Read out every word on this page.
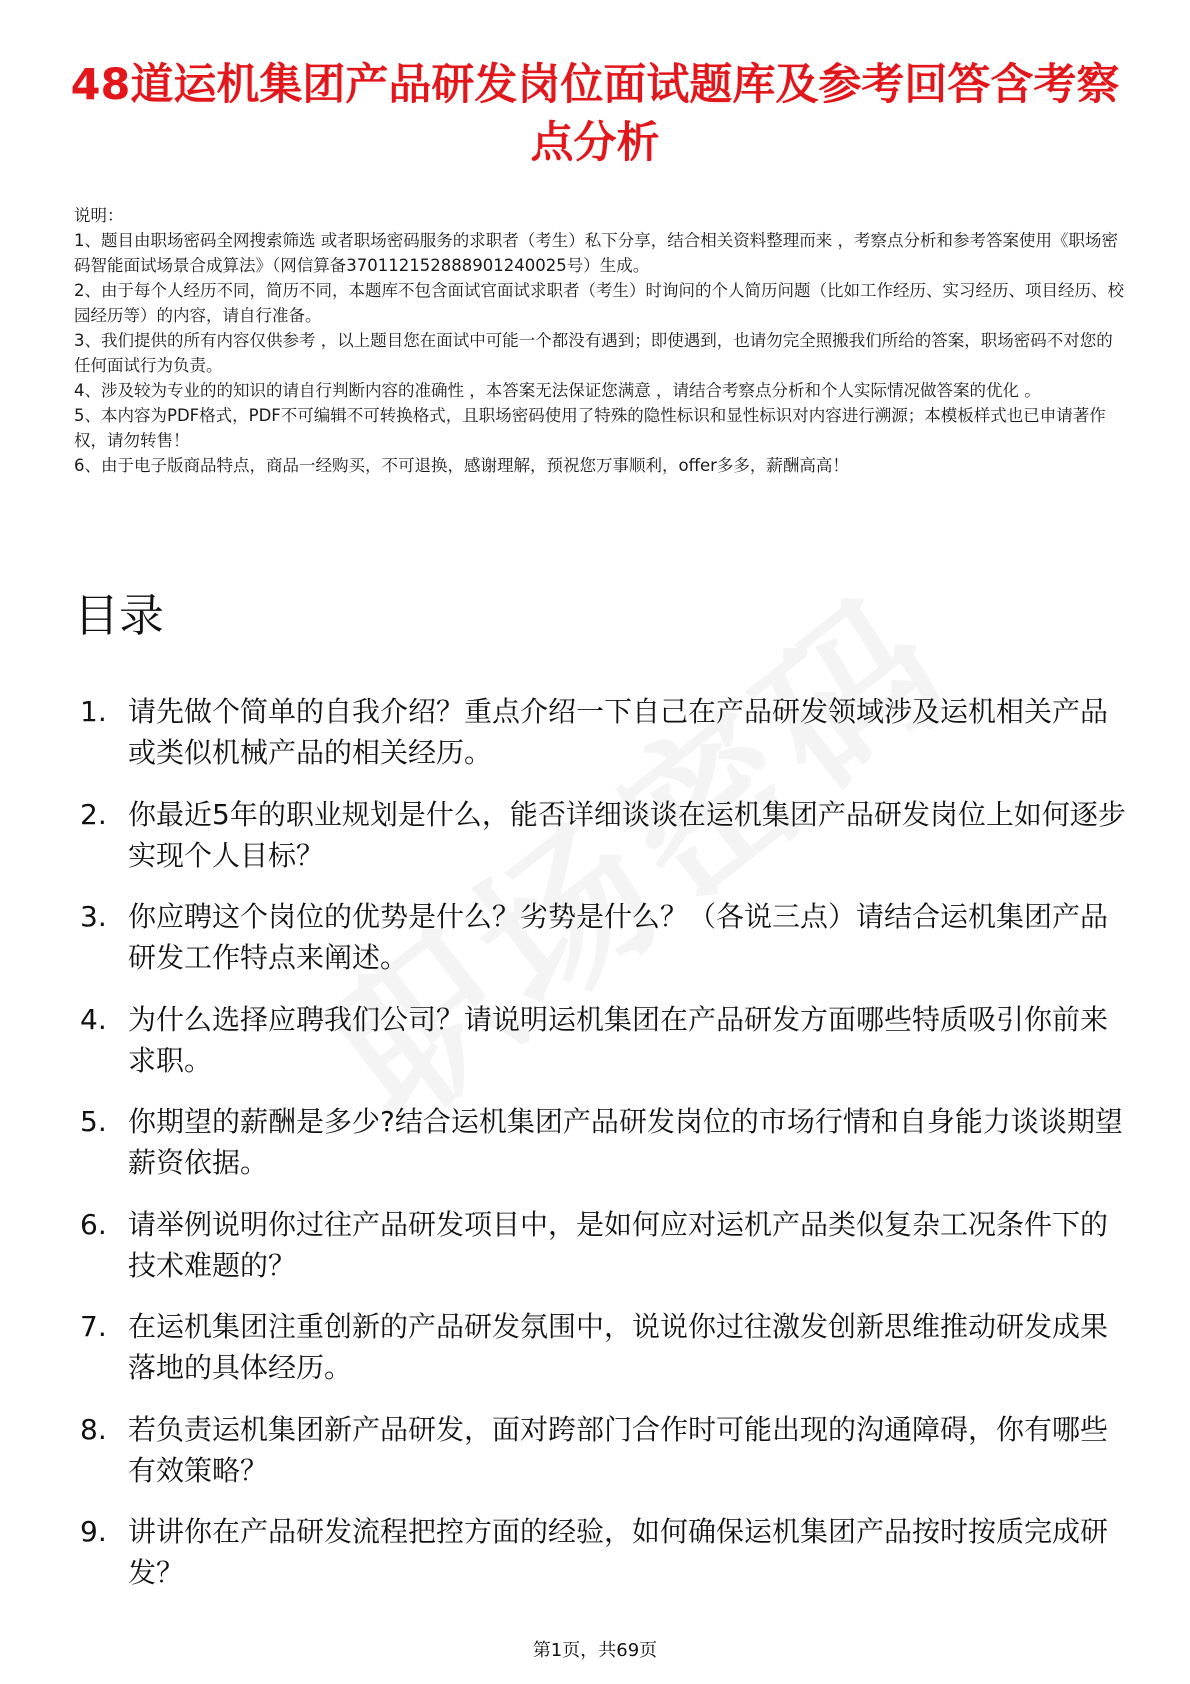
48道运机集团产品研发岗位面试题库及参考回答含考察点分析

说明：

1、题目由职场密码全网搜索筛选 或者职场密码服务的求职者（考生）私下分享，结合相关资料整理而来 ，考察点分析和参考答案使用《职场密码智能面试场景合成算法》（网信算备370112152888901240025号）生成。

2、由于每个人经历不同，简历不同，本题库不包含面试官面试求职者（考生）时询问的个人简历问题（比如工作经历、实习经历、项目经历、校园经历等）的内容，请自行准备。

3、我们提供的所有内容仅供参考 ，以上题目您在面试中可能一个都没有遇到；即使遇到，也请勿完全照搬我们所给的答案，职场密码不对您的任何面试行为负责。

4、涉及较为专业的的知识的请自行判断内容的准确性 ，本答案无法保证您满意 ，请结合考察点分析和个人实际情况做答案的优化 。

5、本内容为PDF格式，PDF不可编辑不可转换格式，且职场密码使用了特殊的隐性标识和显性标识对内容进行溯源；本模板样式也已申请著作权，请勿转售！

6、由于电子版商品特点，商品一经购买，不可退换，感谢理解，预祝您万事顺利，offer多多，薪酬高高！

目录
1. 请先做个简单的自我介绍？重点介绍一下自己在产品研发领域涉及运机相关产品或类似机械产品的相关经历。
2. 你最近5年的职业规划是什么，能否详细谈谈在运机集团产品研发岗位上如何逐步实现个人目标？
3. 你应聘这个岗位的优势是什么？劣势是什么？（各说三点）请结合运机集团产品研发工作特点来阐述。
4. 为什么选择应聘我们公司？请说明运机集团在产品研发方面哪些特质吸引你前来求职。
5. 你期望的薪酬是多少?结合运机集团产品研发岗位的市场行情和自身能力谈谈期望薪资依据。
6. 请举例说明你过往产品研发项目中，是如何应对运机产品类似复杂工况条件下的技术难题的？
7. 在运机集团注重创新的产品研发氛围中，说说你过往激发创新思维推动研发成果落地的具体经历。
8. 若负责运机集团新产品研发，面对跨部门合作时可能出现的沟通障碍，你有哪些有效策略？
9. 讲讲你在产品研发流程把控方面的经验，如何确保运机集团产品按时按质完成研发？
第1页，共69页
